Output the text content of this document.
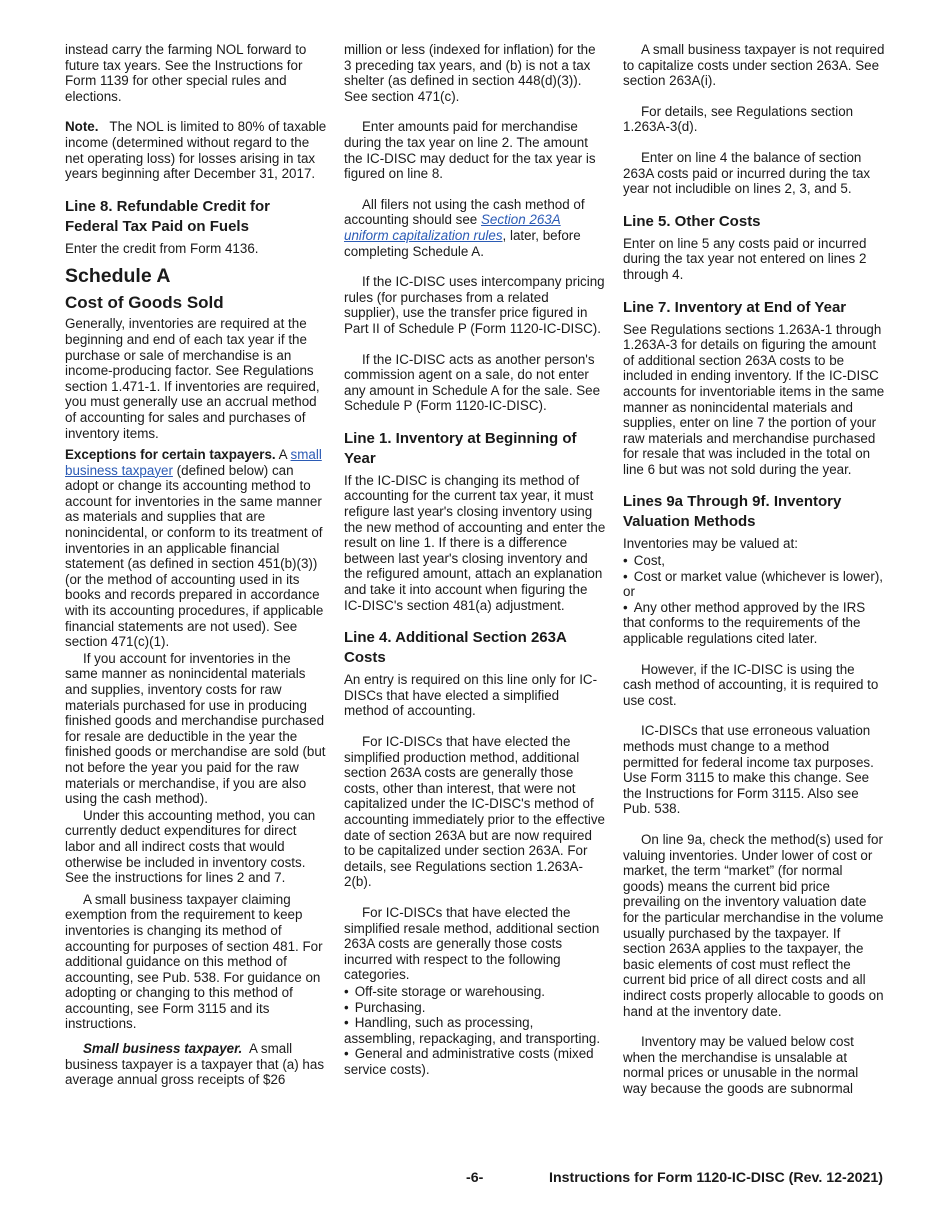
instead carry the farming NOL forward to future tax years. See the Instructions for Form 1139 for other special rules and elections.

Note. The NOL is limited to 80% of taxable income (determined without regard to the net operating loss) for losses arising in tax years beginning after December 31, 2017.

Line 8. Refundable Credit for Federal Tax Paid on Fuels

Enter the credit from Form 4136.

Schedule A
Cost of Goods Sold

Generally, inventories are required at the beginning and end of each tax year if the purchase or sale of merchandise is an income-producing factor. See Regulations section 1.471-1. If inventories are required, you must generally use an accrual method of accounting for sales and purchases of inventory items.

Exceptions for certain taxpayers. A small business taxpayer (defined below) can adopt or change its accounting method to account for inventories in the same manner as materials and supplies that are nonincidental, or conform to its treatment of inventories in an applicable financial statement (as defined in section 451(b)(3)) (or the method of accounting used in its books and records prepared in accordance with its accounting procedures, if applicable financial statements are not used). See section 471(c)(1).

If you account for inventories in the same manner as nonincidental materials and supplies, inventory costs for raw materials purchased for use in producing finished goods and merchandise purchased for resale are deductible in the year the finished goods or merchandise are sold (but not before the year you paid for the raw materials or merchandise, if you are also using the cash method).

Under this accounting method, you can currently deduct expenditures for direct labor and all indirect costs that would otherwise be included in inventory costs. See the instructions for lines 2 and 7.

A small business taxpayer claiming exemption from the requirement to keep inventories is changing its method of accounting for purposes of section 481. For additional guidance on this method of accounting, see Pub. 538. For guidance on adopting or changing to this method of accounting, see Form 3115 and its instructions.

Small business taxpayer. A small business taxpayer is a taxpayer that (a) has average annual gross receipts of $26

million or less (indexed for inflation) for the 3 preceding tax years, and (b) is not a tax shelter (as defined in section 448(d)(3)). See section 471(c).

Enter amounts paid for merchandise during the tax year on line 2. The amount the IC-DISC may deduct for the tax year is figured on line 8.

All filers not using the cash method of accounting should see Section 263A uniform capitalization rules, later, before completing Schedule A.

If the IC-DISC uses intercompany pricing rules (for purchases from a related supplier), use the transfer price figured in Part II of Schedule P (Form 1120-IC-DISC).

If the IC-DISC acts as another person's commission agent on a sale, do not enter any amount in Schedule A for the sale. See Schedule P (Form 1120-IC-DISC).

Line 1. Inventory at Beginning of Year

If the IC-DISC is changing its method of accounting for the current tax year, it must refigure last year's closing inventory using the new method of accounting and enter the result on line 1. If there is a difference between last year's closing inventory and the refigured amount, attach an explanation and take it into account when figuring the IC-DISC's section 481(a) adjustment.

Line 4. Additional Section 263A Costs

An entry is required on this line only for IC-DISCs that have elected a simplified method of accounting.

For IC-DISCs that have elected the simplified production method, additional section 263A costs are generally those costs, other than interest, that were not capitalized under the IC-DISC's method of accounting immediately prior to the effective date of section 263A but are now required to be capitalized under section 263A. For details, see Regulations section 1.263A-2(b).

For IC-DISCs that have elected the simplified resale method, additional section 263A costs are generally those costs incurred with respect to the following categories.

• Off-site storage or warehousing.
• Purchasing.
• Handling, such as processing, assembling, repackaging, and transporting.
• General and administrative costs (mixed service costs).

A small business taxpayer is not required to capitalize costs under section 263A. See section 263A(i).

For details, see Regulations section 1.263A-3(d).

Enter on line 4 the balance of section 263A costs paid or incurred during the tax year not includible on lines 2, 3, and 5.

Line 5. Other Costs

Enter on line 5 any costs paid or incurred during the tax year not entered on lines 2 through 4.

Line 7. Inventory at End of Year

See Regulations sections 1.263A-1 through 1.263A-3 for details on figuring the amount of additional section 263A costs to be included in ending inventory. If the IC-DISC accounts for inventoriable items in the same manner as nonincidental materials and supplies, enter on line 7 the portion of your raw materials and merchandise purchased for resale that was included in the total on line 6 but was not sold during the year.

Lines 9a Through 9f. Inventory Valuation Methods

Inventories may be valued at:

• Cost,
• Cost or market value (whichever is lower), or
• Any other method approved by the IRS that conforms to the requirements of the applicable regulations cited later.

However, if the IC-DISC is using the cash method of accounting, it is required to use cost.

IC-DISCs that use erroneous valuation methods must change to a method permitted for federal income tax purposes. Use Form 3115 to make this change. See the Instructions for Form 3115. Also see Pub. 538.

On line 9a, check the method(s) used for valuing inventories. Under lower of cost or market, the term “market” (for normal goods) means the current bid price prevailing on the inventory valuation date for the particular merchandise in the volume usually purchased by the taxpayer. If section 263A applies to the taxpayer, the basic elements of cost must reflect the current bid price of all direct costs and all indirect costs properly allocable to goods on hand at the inventory date.

Inventory may be valued below cost when the merchandise is unsalable at normal prices or unusable in the normal way because the goods are subnormal

-6-	Instructions for Form 1120-IC-DISC (Rev. 12-2021)
